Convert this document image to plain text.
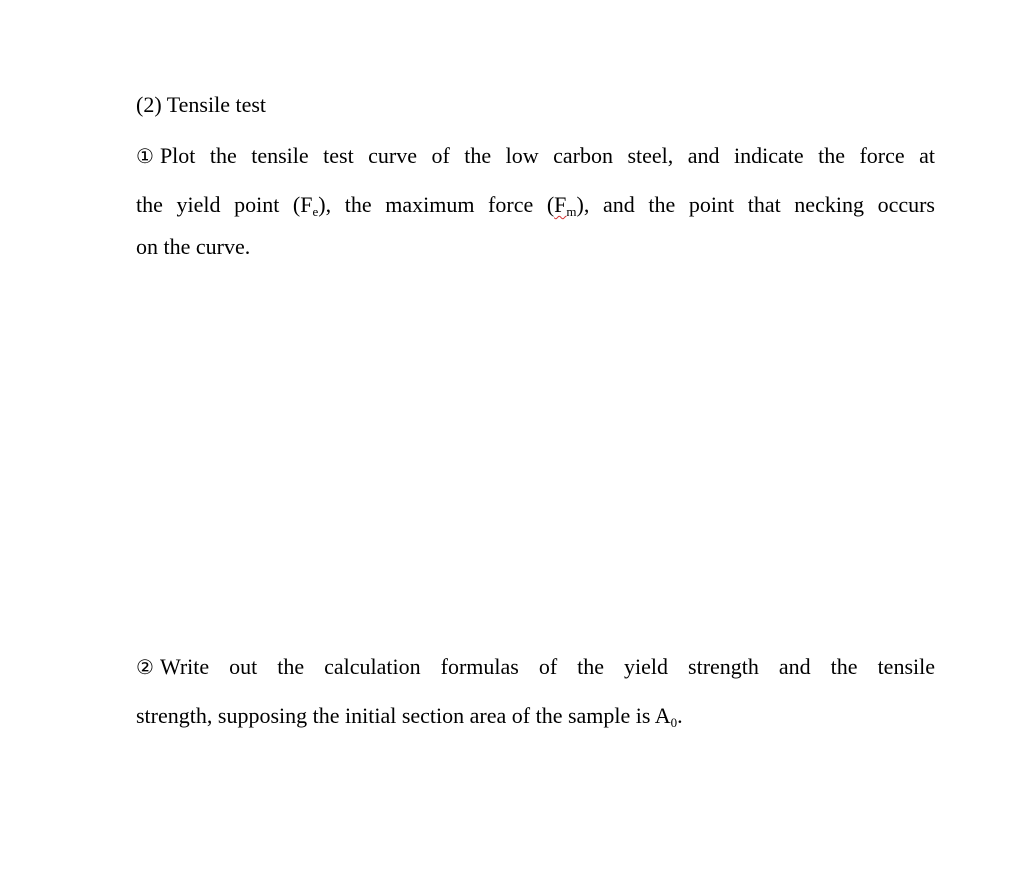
(2) Tensile test
① Plot the tensile test curve of the low carbon steel, and indicate the force at
the yield point $(F_e)$, the maximum force $(F_m)$, and the point that necking occurs
on the curve.
② Write out the calculation formulas of the yield strength and the tensile
strength, supposing the initial section area of the sample is $A_0$.
